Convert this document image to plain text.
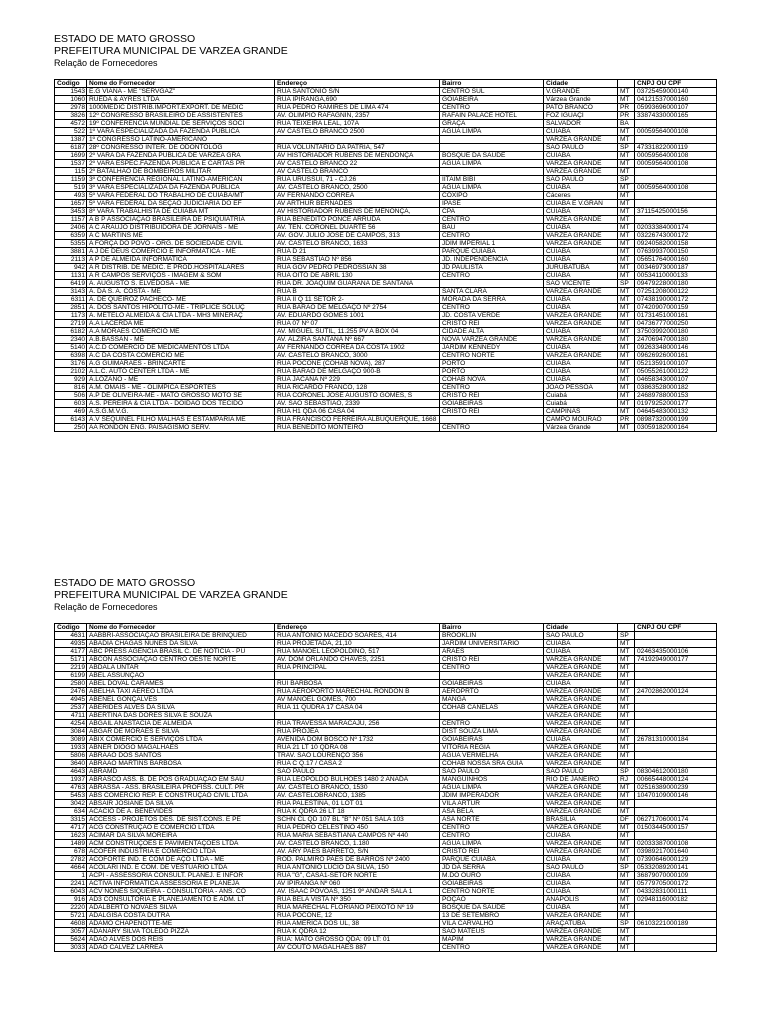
ESTADO DE MATO GROSSO
PREFEITURA MUNICIPAL DE VARZEA GRANDE
Relação de Fornecedores
Codigo	Nome do Fornecedor	Endereço	Bairro	Cidade		CNPJ OU CPF
1543	E.G VIANA - ME "SERVGAZ"	RUA SANTONIO S/N	CENTRO SUL	V.GRANDE	MT	03725459000140
1060	RUEDA & AYRES LTDA	RUA IPIRANGA,690	GOIABEIRA	Várzea Grande	MT	04121537000160
2978	1000MEDIC DISTRIB.IMPORT.EXPORT. DE MEDIC	RUA PEDRO RAMIRES DE LIMA 474	CENTRO	PATO BRANCO	PR	05993696000107
3826	12º CONGRESSO BRASILEIRO DE ASSISTENTES	AV. OLIMPIO RAFAGNIN, 2357	RAFAIN PALACE HOTEL	FOZ IGUAÇI	PR	33874330000165
4572	19º CONFERENCIA MUNDIAL DE SERVIÇOS SOCI	RUA TEIXEIRA LEAL, 107A	GRAÇA	SALVADOR	BA	
522	1º VARA ESPECIALIZADA DA FAZENDA PUBLICA	AV CASTELO BRANCO 2500	AGUA LIMPA	CUIABA	MT	00059564000108
1387	1º CONGRESSO LATINO-AMERICANO			VARZEA GRANDE	MT	
6187	28º CONGRESSO INTER. DE ODONTOLOG	RUA VOLUNTARIO DA PATRIA, 547		SAO PAULO	SP	47331822000119
1699	2º VARA DA FAZENDA PUBLICA DE VARZEA GRA	AV HISTORIADOR RUBENS DE MENDONÇA	BOSQUE DA SAUDE	CUIABA	MT	00059564000108
1537	2º VARA ESPEC.FAZENDA PUBLICA E CARTAS PR	AV CASTELO BRANCO 22	AGUA LIMPA	VARZEA GRANDE	MT	00059564000108
115	2º BATALHAO DE BOMBEIROS MILITAR	AV CASTELO BRANCO		VARZEA GRANDE	MT	
1159	3º CONFERENCIA REGIONAL LATINO-AMERICAN	RUA URUSSUI, 71 - CJ.26	IITAIM BIBI	SAO PAULO	SP	
519	3º VARA ESPECIALIZADA DA FAZENDA PUBLICA	AV. CASTELO BRANCO, 2500	AGUA LIMPA	CUIABA	MT	00059564000108
493	5º VARA FEDERAL DO TRABALHO DE CUIABA/MT	AV FERNANDO CORREA	COXIPO	Cáceres	MT	
1657	5º VARA FEDERAL DA SEÇÃO JUDICIARIA DO EF	AV ARTHUR BERNADES	IPASE	CUIABA E V.GRAN	MT	
3453	8º VARA TRABALHISTA DE CUIABA MT	AV HISTORIADOR RUBENS DE MENONÇA,	CPA	CUIABA	MT	37115425000156
1157	A B P ASSOCIAÇÃO BRASILEIRA DE PSIQUIATRIA	RUA BENEDITO PONCE ARRUDA	CENTRO	VARZEA GRANDE	MT	
2406	A C ARAUJO DISTRIBUIDORA DE JORNAIS - ME	AV. TEN. CORONEL DUARTE 56	BAU	CUIABA	MT	02033384000174
6359	A C MARTINS ME	AV. GOV. JULIO JOSE DE CAMPOS, 313	CENTRO	VARZEA GRANDE	MT	03226743000172
5355	A FORÇA DO POVO - ORG. DE SOCIEDADE CIVIL	AV. CASTELO BRANCO, 1633	JDIM IMPERIAL 1	VARZEA GRANDE	MT	09240582000158
3881	A J DE DEUS COMERCIO E INFORMATICA - ME	RUA D 21	PARQUE CUIABA	CUIABA	MT	07639937000150
2113	A P DE ALMEIDA INFORMATICA	RUA SEBASTIAO Nº 856	JD. INDEPENDENCIA	CUIABA	MT	05651764000160
942	A R DISTRIB. DE MEDIC. E PROD.HOSPITALARES	RUA GOV PEDRO PEDROSSIAN 38	JD PAULISTA	JURUBATUBA	MT	00346973000187
1131	A R CAMPOS SERVIÇOS - IMAGEM & SOM	RUA OITO DE ABRIL 130	CENTRO	CUIABA	MT	00534110000133
6419	A. AUGUSTO S. ELVEDOSA - ME	RUA DR. JOAQUIM GUARANA DE SANTANA		SAO VICENTE	SP	09479228000180
3143	A. DA S. A. COSTA - ME	RUA B	SANTA CLARA	VARZEA GRANDE	MT	07251208000122
6311	A. DE QUEIROZ PACHECO- ME	RUA II Q 11 SETOR 2-	MORADA DA SERRA	CUIABA	MT	07438190000172
2851	A. DOS SANTOS HIPOLITO-ME - TRIPLICE SOLUÇ	RUA BARAO DE MELGAÇO Nº 2754	CENTRO	CUIABA	MT	07420907000159
1173	A. METELO ALMEIDA & CIA LTDA - MH3 MINERAÇ	AV. EDUARDO GOMES 1001	JD. COSTA VERDE	VARZEA GRANDE	MT	01731451000161
2719	A.A LACERDA ME	RUA 07 Nº 07	CRISTO REI	VARZEA GRANDE	MT	04736777000250
6182	A.A MORAES COMERCIO ME	AV. MIGUEL SUTIL, 11.255 PV A BOX 04	CIDADE ALTA	CUIABA	MT	37503992000180
2340	A.B.BASSAN - ME	AV. ALZIRA SANTANA Nº 667	NOVA VARZEA GRANDE	VARZEA GRANDE	MT	24706947000180
5140	A.C.D COMERCIO DE MEDICAMENTOS LTDA	AV FERNANDO CORREA DA COSTA 1902	JARDIM KENNEDY	CUIABA	MT	09263348000146
6398	A.C DA COSTA COMERCIO ME	AV. CASTELO BRANCO, 3000	CENTRO NORTE	VARZEA GRANDE	MT	09626926000161
3176	A.G GUIMARAES - BRINCARTE	RUA POCONE (COHAB NOVA), 287	PORTO	CUIABA	MT	05213591000107
2102	A.L.C. AUTO CENTER LTDA - ME	RUA BARAO DE MELGAÇO 900-B	PORTO	CUIABA	MT	05055261000122
929	A.LOZANO - ME	RUA JACANA Nº 229	COHAB NOVA	CUIABA	MT	04658343000107
816	A.M. OMAIS - ME - OLIMPICA ESPORTES	RUA RICARDO FRANCO, 128	CENTRO	JOAO PESSOA	MT	03863528000182
506	A.P DE OLIVEIRA-ME - MATO GROSSO MOTO SE	RUA CORONEL JOSE AUGUSTO GOMES, S	CRISTO REI	Cuiabá	MT	24689788000153
603	A.S. PEREIRA & CIA LTDA - DOIDAO DOS TECIDO	AV. SAO SEBASTIAO, 2339	GOIABEIRAS	Cuiabá	MT	01979252000177
469	A.S.G.M.V.G.	RUA H1 QDA 06 CASA 04	CRISTO REI	CAMPINAS	MT	04645483000132
6143	A.V SEQUINEL FILHO MALHAS E ESTAMPARIA ME	RUA FRANCISCO FERREIRA ALBUQUERQUE, 1668		CAMPO MOURAO	PR	08987320000199
250	AA RONDON ENG. PAISAGISMO SERV.	RUA BENEDITO MONTEIRO	CENTRO	Várzea Grande	MT	03059182000164
ESTADO DE MATO GROSSO
PREFEITURA MUNICIPAL DE VARZEA GRANDE
Relação de Fornecedores
Codigo	Nome do Fornecedor	Endereço	Bairro	Cidade		CNPJ OU CPF
4631	AABBRI-ASSOCIAÇÃO BRASILEIRA DE BRINQUED	RUA ANTONIO MACEDO SOARES, 414	BROOKLIN	SAO PAULO	SP	
4935	ABADIA CHAGAS NUNES DA SILVA	RUA PROJETADA, 21,10	JARDIM UNIVERSITARIO	CUIABA	MT	
4177	ABC PRESS AGENCIA BRASIL C. DE NOTICIA - PU	RUA MANOEL LEOPOLDINO, 517	ARAES	CUIABA	MT	02463435000106
5171	ABCON ASSOCIAÇÃO CENTRO OESTE NORTE	AV. DOM ORLANDO CHAVES, 2251	CRISTO REI	VARZEA GRANDE	MT	74192949000177
2219	ABDALA UNTAR	RUA PRINCIPAL	CENTRO	VARZEA GRANDE	MT	
6199	ABEL ASSUNÇÃO			VARZEA GRANDE	MT	
2580	ABEL DOVAL CARAMES	RUI BARBOSA	GOIABEIRAS	CUIABA	MT	
2476	ABELHA TAXI AEREO LTDA	RUA AEROPORTO MARECHAL RONDON B	AEROPRTO	VARZEA GRANDE	MT	24702862000124
4945	ABENEL GONÇALVES	AV MANOEL GOMES, 700	MANGA	VARZEA GRANDE	MT	
2537	ABERIDES ALVES DA SILVA	RUA 11 QUDRA 17 CASA 04	COHAB CANELAS	VARZEA GRANDE	MT	
4711	ABERTINA DAS DORES SILVA E SOUZA			VARZEA GRANDE	MT	
4254	ABGAIL ANASTACIA DE ALMEIDA	RUA TRAVESSA MARACAJU, 256	CENTRO	VARZEA GRANDE	MT	
3084	ABGAR DE MORAES E SILVA	RUA PROJEA	DIST SOUZA LIMA	VARZEA GRANDE	MT	
3089	ABIX COMERCIO E SERVIÇOS LTDA	AVENIDA DOM BOSCO Nº 1732	GOIABEIRAS	CUIABA	MT	26781310000184
1933	ABNER DIOGO MAGALHAES	RUA 21 LT 10 QDRA 08	VITORIA REGIA	VARZEA GRANDE	MT	
5806	ABRAAO DOS SANTOS	TRAV. SAO LOURENÇO 356	AGUA VERMELHA	VARZEA GRANDE	MT	
3640	ABRAAO MARTINS BARBOSA	RUA C Q.17 / CASA 2	COHAB NOSSA SRA GUIA	VARZEA GRANDE	MT	
4643	ABRAMD	SAO PAULO	SAO PAULO	SAO PAULO	SP	08304612000180
1937	ABRASCO ASS. B. DE POS GRADUAÇÃO EM SAU	RUA LEOPOLDO BULHOES 1480 2 ANADA	MANGUINHOS	RIO DE JANEIRO	RJ	00665448000124
4763	ABRASSA - ASS. BRASILEIRA PROFISS. CULT. PR	AV. CASTELO BRANCO, 1530	AGUA LIMPA	VARZEA GRANDE	MT	02516389000239
5453	ABS COMERCIO REP. E CONSTRUÇÃO CIVIL LTDA	AV. CASTELOBRANCO, 1385	JDIM IMPERADOR	VARZEA GRANDE	MT	10470109000146
3042	ABSAIR JOSIANE DA SILVA	RUA PALESTINA, 01 LOT 01	VILA ARTUR	VARZEA GRANDE	MT	
634	ACACIO DE A. BENEVIDES	RUA K QDRA 26 LT 18	ASA BELA	VARZEA GRANDE	MT	
3315	ACCESS - PROJETOS DES. DE SIST.CONS. E PE	SCHN CL QD 107 BL "B" Nº 051 SALA 103	ASA NORTE	BRASILIA	DF	06271706000174
4717	ACG CONSTRUÇÃO E COMERCIO LTDA	RUA PEDRO CELESTINO 450	CENTRO	VARZEA GRANDE	MT	01503445000157
1623	ACIMAR DA SILVA MOREIRA	RUA MARIA SEBASTIANA CAMPOS Nº 440	CENTRO	CUIABA	MT	
1489	ACM CONSTRUÇÕES E PAVIMENTAÇÕES LTDA	AV. CASTELO BRANCO, 1.180	AGUA LIMPA	VARZEA GRANDE	MT	02033387000108
678	ACOFER INDUSTRIA E COMERCIO LTDA	AV. ARY PAES BARRETO, S/N	CRISTO REI	VARZEA GRANDE	MT	03989217001640
2782	ACOFORTE IND. E COM DE AÇO LTDA - ME	ROD. PALMIRO PAES DE BARROS Nº 2400	PARQUE CUIABA	CUIABA	MT	07390646000129
4664	ACOLARI IND. E COM. DE VESTUARIO LTDA	RUA ANTONIO LUCIO DA SILVA, 150	JD DA SERRA	SAO PAULO	SP	05332089200141
1	ACPI - ASSESSORIA CONSULT. PLANEJ. E INFOR	RUA "G", CASA1-SETOR NORTE	M.DO OURO	CUIABA	MT	36879070000109
2241	ACTIVA INFORMATICA ASSESSORIA E PLANEJA	AV IPIRANGA Nº 060	GOIABEIRAS	CUIABA	MT	05779705000172
6043	ACV NONES SIQUEIRA - CONSULTORIA - ANS. CO	AV. ISAAC POVOAS, 1251 9º ANDAR SALA 1	CENTRO NORTE	CUIABA	MT	04332831000111
916	AD3 CONSULTORIA E PLANEJAMENTO E ADM. LT	RUA BELA VISTA Nº 350	POÇAO	ANAPOLIS	MT	02948116000182
2220	ADALBERTO NOVAES SILVA	RUA MARECHAL FLORIANO PEIXOTO Nº 19	BOSQUE DA SAUDE	CUIABA	MT	
5721	ADALGISA COSTA DUTRA	RUA POCONE, 12	13 DE SETEMBRO	VARZEA GRANDE	MT	
4608	ADAMO CHAPENOTTE-ME	RUA AMERICA DOS UL, 38	VILA CARVALHO	ARAÇATUBA	SP	06103221000189
3057	ADANARY SILVA TOLEDO PIZZA	RUA K QDRA 12	SAO MATEUS	VARZEA GRANDE	MT	
5624	ADAO ALVES DOS REIS	RUA: MATO GROSSO QDA: 09 LT: 01	MAPIM	VARZEA GRANDE	MT	
3033	ADAO CALVEZ LARREA	AV COUTO MAGALHAES 887	CENTRO	VARZEA GRANDE	MT	
